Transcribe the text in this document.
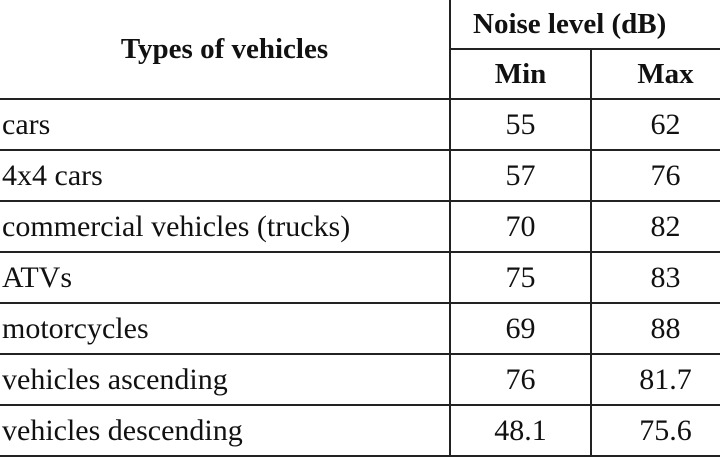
Types of vehicles	Noise level (dB)	
	Min	Max
cars	55	62
4x4 cars	57	76
commercial vehicles (trucks)	70	82
ATVs	75	83
motorcycles	69	88
vehicles ascending	76	81.7
vehicles descending	48.1	75.6
